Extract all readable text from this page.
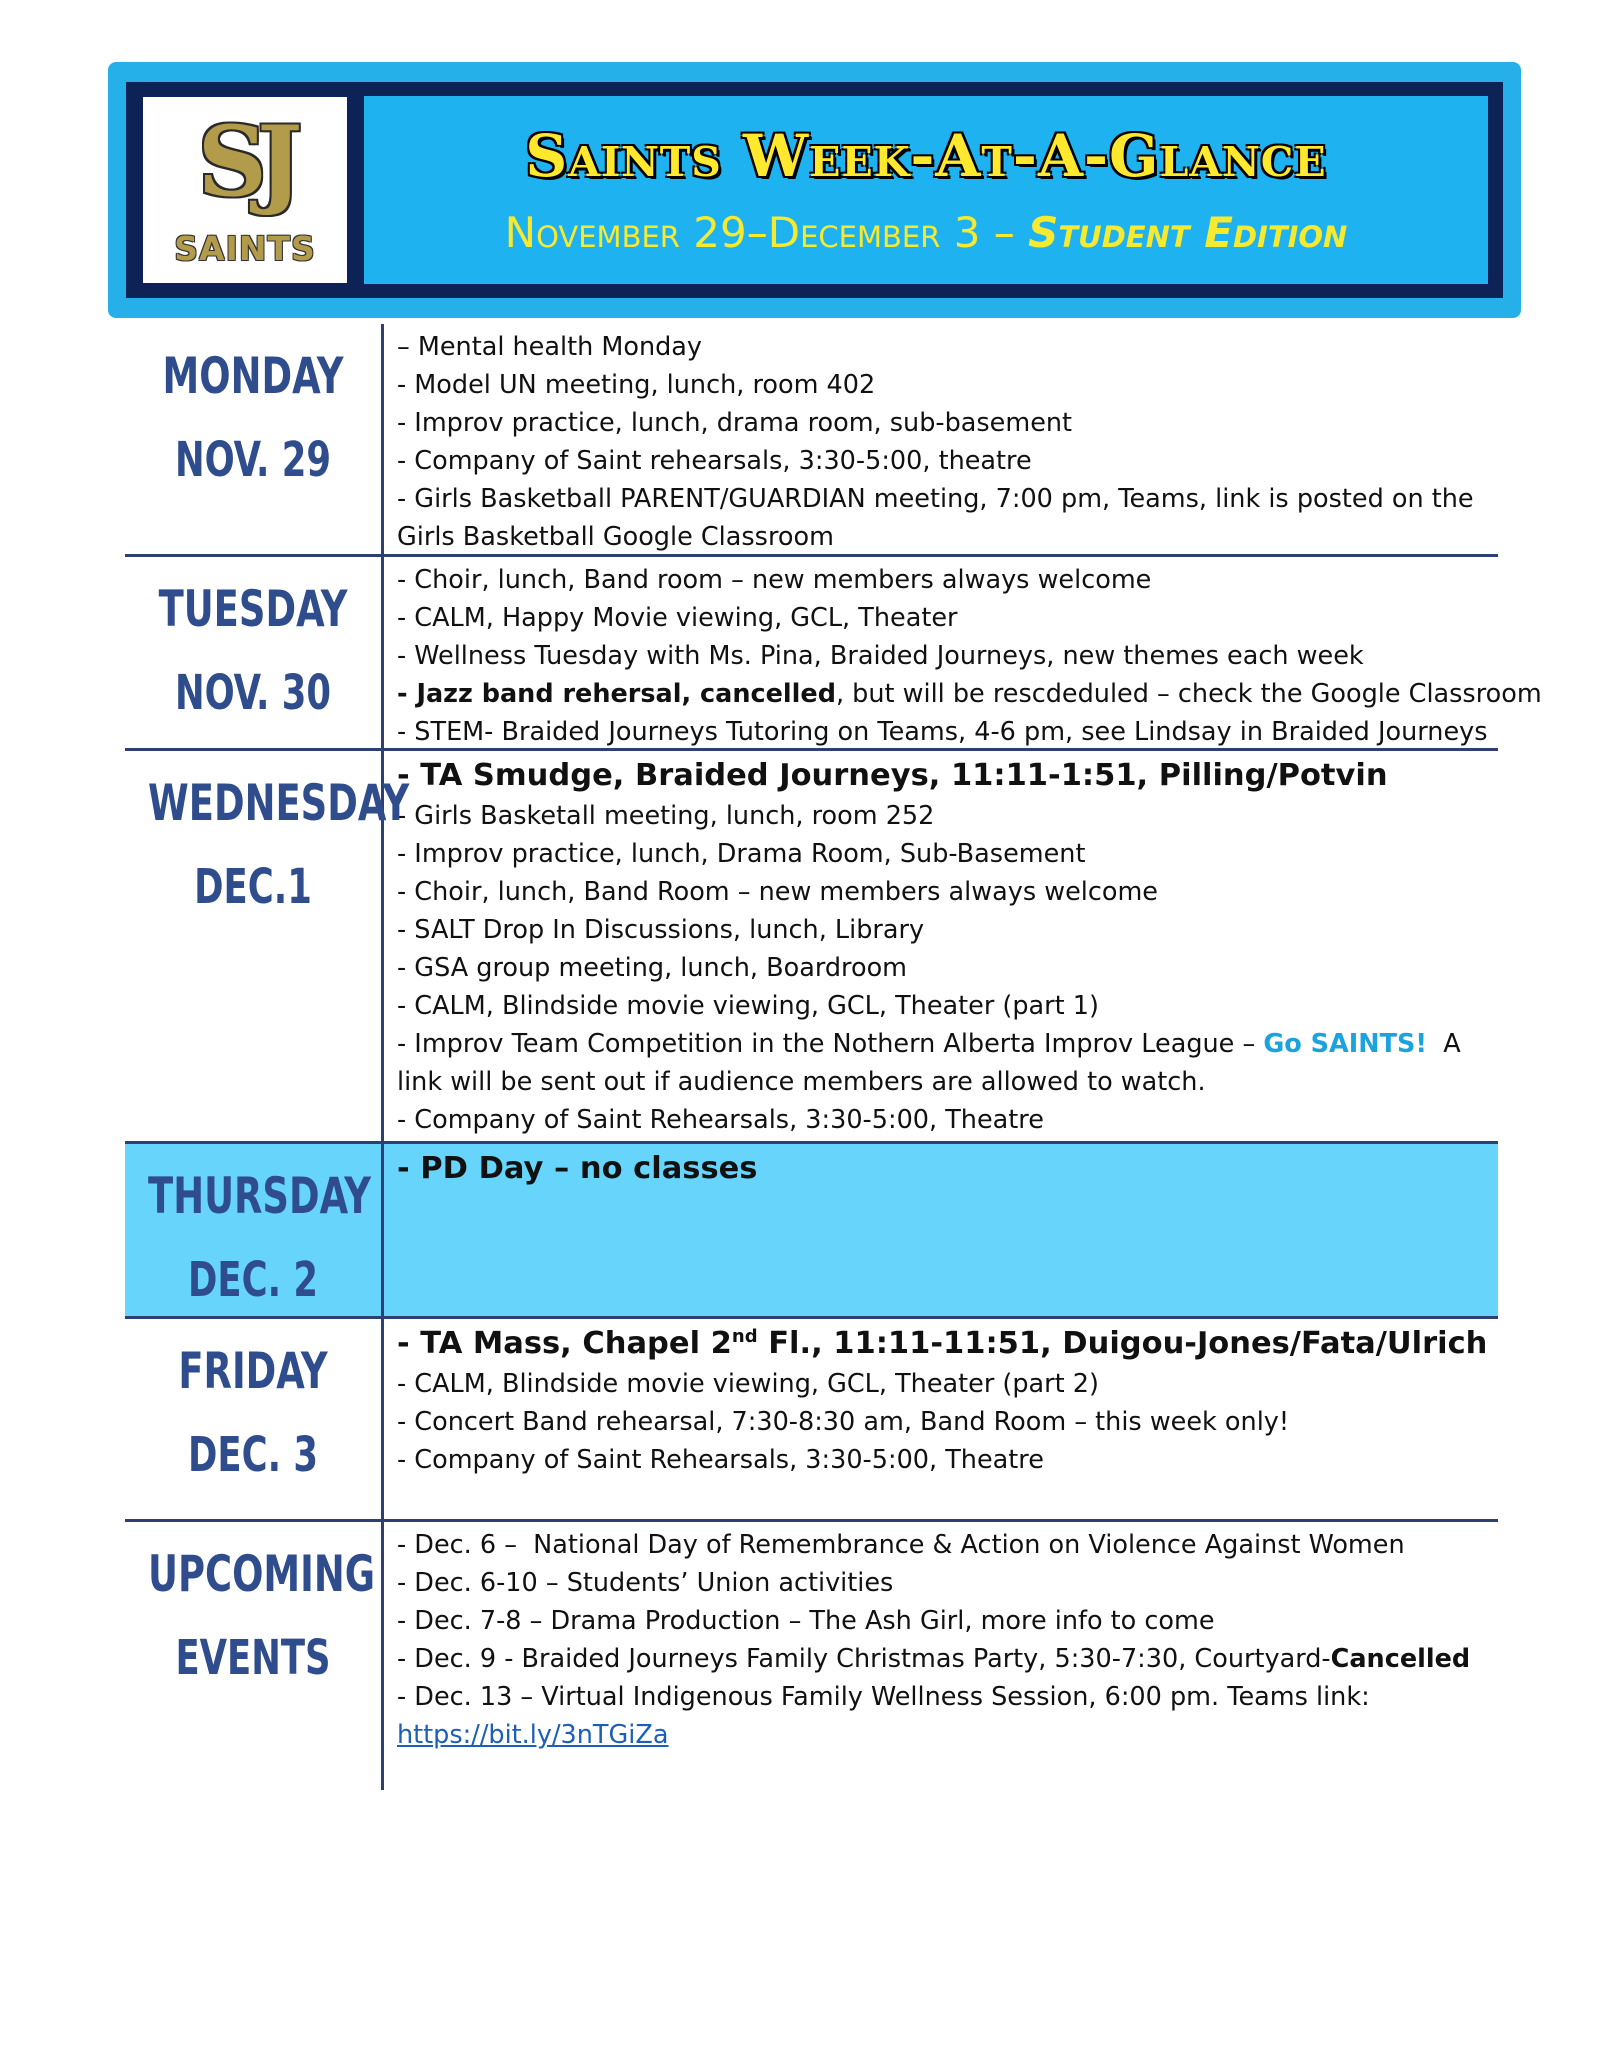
SJ
SAINTS
Saints Week-At-A-Glance
November 29–December 3 – Student Edition
MONDAY
NOV. 29
– Mental health Monday
- Model UN meeting, lunch, room 402
- Improv practice, lunch, drama room, sub-basement
- Company of Saint rehearsals, 3:30-5:00, theatre
- Girls Basketball PARENT/GUARDIAN meeting, 7:00 pm, Teams, link is posted on the
Girls Basketball Google Classroom
TUESDAY
NOV. 30
- Choir, lunch, Band room – new members always welcome
- CALM, Happy Movie viewing, GCL, Theater
- Wellness Tuesday with Ms. Pina, Braided Journeys, new themes each week
- Jazz band rehersal, cancelled, but will be rescdeduled – check the Google Classroom
- STEM- Braided Journeys Tutoring on Teams, 4-6 pm, see Lindsay in Braided Journeys
WEDNESDAY
DEC.1
- TA Smudge, Braided Journeys, 11:11-1:51, Pilling/Potvin
- Girls Basketall meeting, lunch, room 252
- Improv practice, lunch, Drama Room, Sub-Basement
- Choir, lunch, Band Room – new members always welcome
- SALT Drop In Discussions, lunch, Library
- GSA group meeting, lunch, Boardroom
- CALM, Blindside movie viewing, GCL, Theater (part 1)
- Improv Team Competition in the Nothern Alberta Improv League – Go SAINTS!  A
link will be sent out if audience members are allowed to watch.
- Company of Saint Rehearsals, 3:30-5:00, Theatre
THURSDAY
DEC. 2
- PD Day – no classes
FRIDAY
DEC. 3
- TA Mass, Chapel 2nd Fl., 11:11-11:51, Duigou-Jones/Fata/Ulrich
- CALM, Blindside movie viewing, GCL, Theater (part 2)
- Concert Band rehearsal, 7:30-8:30 am, Band Room – this week only!
- Company of Saint Rehearsals, 3:30-5:00, Theatre
UPCOMING
EVENTS
- Dec. 6 –  National Day of Remembrance & Action on Violence Against Women
- Dec. 6-10 – Students’ Union activities
- Dec. 7-8 – Drama Production – The Ash Girl, more info to come
- Dec. 9 - Braided Journeys Family Christmas Party, 5:30-7:30, Courtyard-Cancelled
- Dec. 13 – Virtual Indigenous Family Wellness Session, 6:00 pm. Teams link:
https://bit.ly/3nTGiZa
